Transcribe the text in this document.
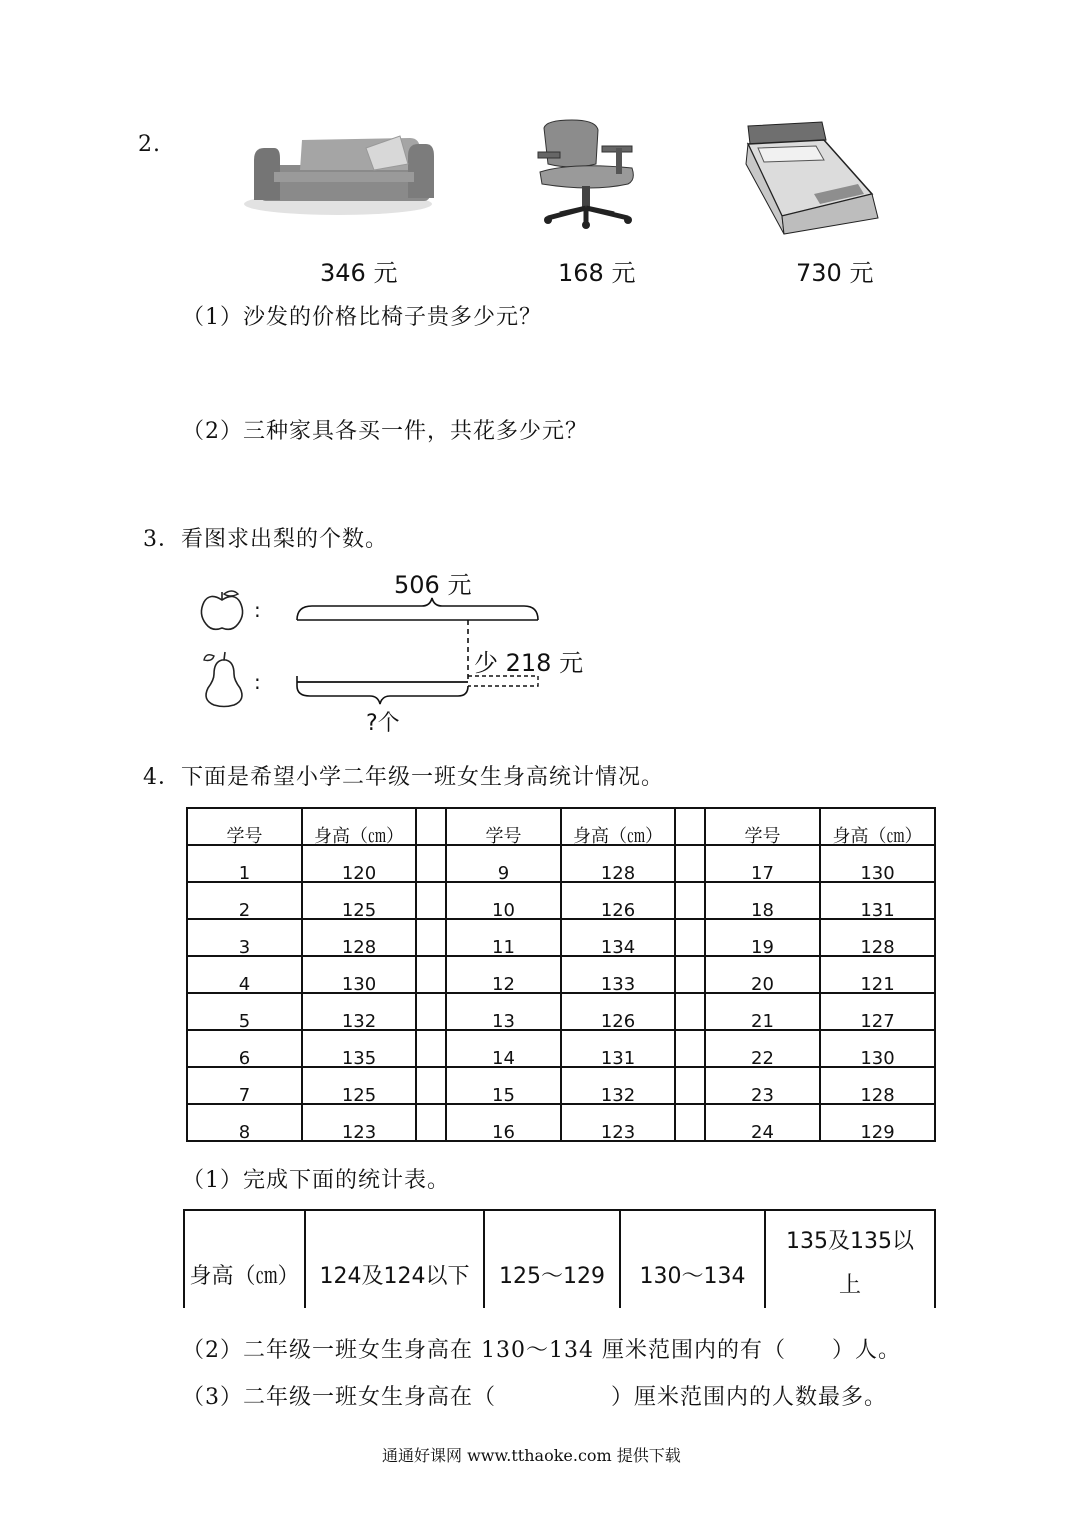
2.
346 元	168 元	730 元
（1）沙发的价格比椅子贵多少元？
（2）三种家具各买一件，共花多少元？
3．看图求出梨的个数。
:
:
506 元
少 218 元
?个
4．下面是希望小学二年级一班女生身高统计情况。
学号	身高（㎝）		学号	身高（㎝）		学号	身高（㎝）
1	120		9	128		17	130
2	125		10	126		18	131
3	128		11	134		19	128
4	130		12	133		20	121
5	132		13	126		21	127
6	135		14	131		22	130
7	125		15	132		23	128
8	123		16	123		24	129
（1）完成下面的统计表。
身高（㎝）	124及124以下	125～129	130～134	135及135以
上
（2）二年级一班女生身高在 130～134 厘米范围内的有（　　）人。
（3）二年级一班女生身高在（　　　　　）厘米范围内的人数最多。
通通好课网 www.tthaoke.com 提供下载
